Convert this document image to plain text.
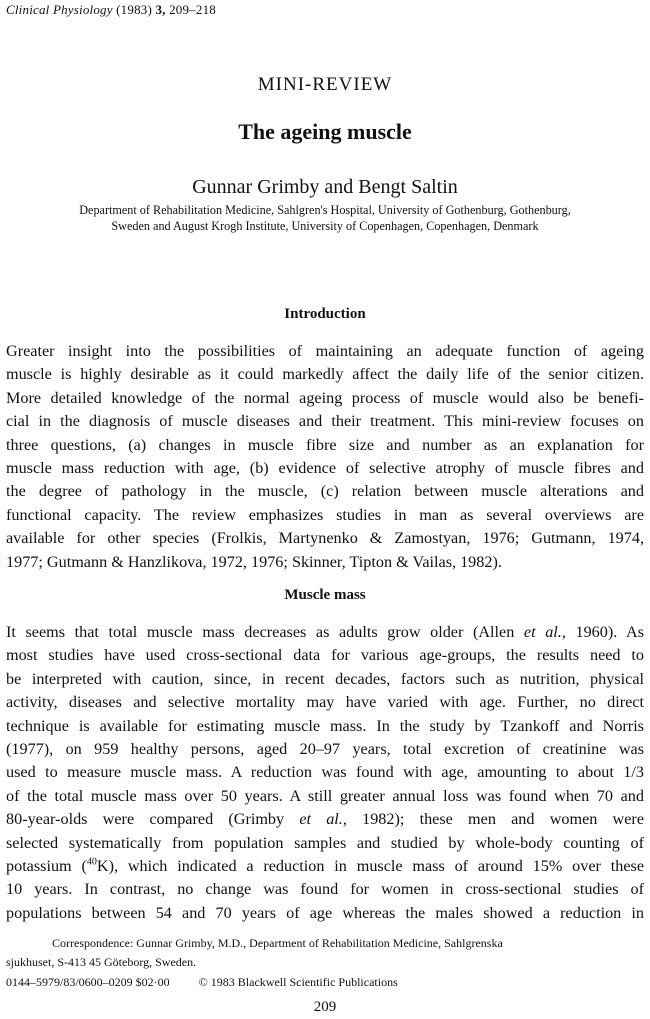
Clinical Physiology (1983) 3, 209–218
MINI-REVIEW
The ageing muscle
Gunnar Grimby and Bengt Saltin
Department of Rehabilitation Medicine, Sahlgren's Hospital, University of Gothenburg, Gothenburg,
Sweden and August Krogh Institute, University of Copenhagen, Copenhagen, Denmark
Introduction
Greater insight into the possibilities of maintaining an adequate function of ageing
muscle is highly desirable as it could markedly affect the daily life of the senior citizen.
More detailed knowledge of the normal ageing process of muscle would also be benefi-
cial in the diagnosis of muscle diseases and their treatment. This mini-review focuses on
three questions, (a) changes in muscle fibre size and number as an explanation for
muscle mass reduction with age, (b) evidence of selective atrophy of muscle fibres and
the degree of pathology in the muscle, (c) relation between muscle alterations and
functional capacity. The review emphasizes studies in man as several overviews are
available for other species (Frolkis, Martynenko & Zamostyan, 1976; Gutmann, 1974,
1977; Gutmann & Hanzlikova, 1972, 1976; Skinner, Tipton & Vailas, 1982).
Muscle mass
It seems that total muscle mass decreases as adults grow older (Allen et al., 1960). As
most studies have used cross-sectional data for various age-groups, the results need to
be interpreted with caution, since, in recent decades, factors such as nutrition, physical
activity, diseases and selective mortality may have varied with age. Further, no direct
technique is available for estimating muscle mass. In the study by Tzankoff and Norris
(1977), on 959 healthy persons, aged 20–97 years, total excretion of creatinine was
used to measure muscle mass. A reduction was found with age, amounting to about 1/3
of the total muscle mass over 50 years. A still greater annual loss was found when 70 and
80-year-olds were compared (Grimby et al., 1982); these men and women were
selected systematically from population samples and studied by whole-body counting of
potassium ($^{40}$K), which indicated a reduction in muscle mass of around 15% over these
10 years. In contrast, no change was found for women in cross-sectional studies of
populations between 54 and 70 years of age whereas the males showed a reduction in
Correspondence: Gunnar Grimby, M.D., Department of Rehabilitation Medicine, Sahlgrenska
sjukhuset, S-413 45 Göteborg, Sweden.
0144–5979/83/0600–0209 $02·00 © 1983 Blackwell Scientific Publications
209
